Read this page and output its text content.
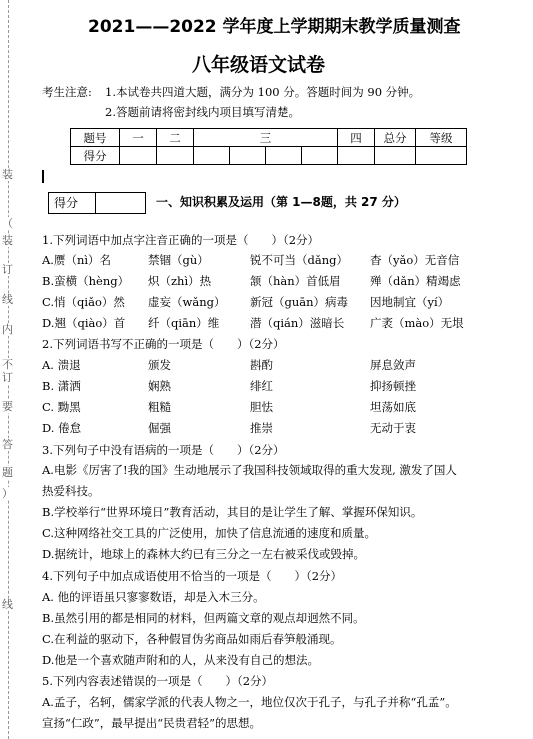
装
（
装
订
线
内
不
订
要
答
题
）
线
2021——2022 学年度上学期期末教学质量测查
八年级语文试卷
考生注意: 1.本试卷共四道大题，满分为 100 分。答题时间为 90 分钟。
2.答题前请将密封线内项目填写清楚。
题号	一	二	三				四	总分	等级
得分									
得分	一、知识积累及运用（第 1—8题，共 27 分）
1.下列词语中加点字注音正确的一项是（　　）（2分）
A.赝（nì）名	禁锢（gù）	锐不可当（dǎng） 杳（yǎo）无音信
B.蛮横（hèng） 炽（zhì）热	颔（hàn）首低眉	殚（dǎn）精竭虑
C.悄（qiǎo）然 虚妄（wǎng） 新冠（guān）病毒 因地制宜（yí）
D.翘（qiào）首 纤（qiān）维	潜（qián）滋暗长 广袤（mào）无垠
2.下列词语书写不正确的一项是（　　）（2分）
A. 溃退	颁发	斟酌	屏息敛声
B. 潇洒	娴熟	绯红	抑扬顿挫
C. 黝黑	粗糙	胆怯	坦荡如底
D. 倦怠	倔强	推崇	无动于衷
3.下列句子中没有语病的一项是（　　）（2分）
A.电影《厉害了!我的国》生动地展示了我国科技领域取得的重大发现, 激发了国人
热爱科技。
B.学校举行“世界环境日”教育活动，其目的是让学生了解、掌握环保知识。
C.这种网络社交工具的广泛使用，加快了信息流通的速度和质量。
D.据统计，地球上的森林大约已有三分之一左右被采伐或毁掉。
4.下列句子中加点成语使用不恰当的一项是（　　）（2分）
A. 他的评语虽只寥寥数语，却是入木三分。
B.虽然引用的都是相同的材料，但两篇文章的观点却迥然不同。
C.在利益的驱动下，各种假冒伪劣商品如雨后春笋般涌现。
D.他是一个喜欢随声附和的人，从来没有自己的想法。
5.下列内容表述错误的一项是（　　）（2分）
A.孟子，名轲，儒家学派的代表人物之一，地位仅次于孔子，与孔子并称“孔孟”。
宣扬“仁政”，最早提出“民贵君轻”的思想。
